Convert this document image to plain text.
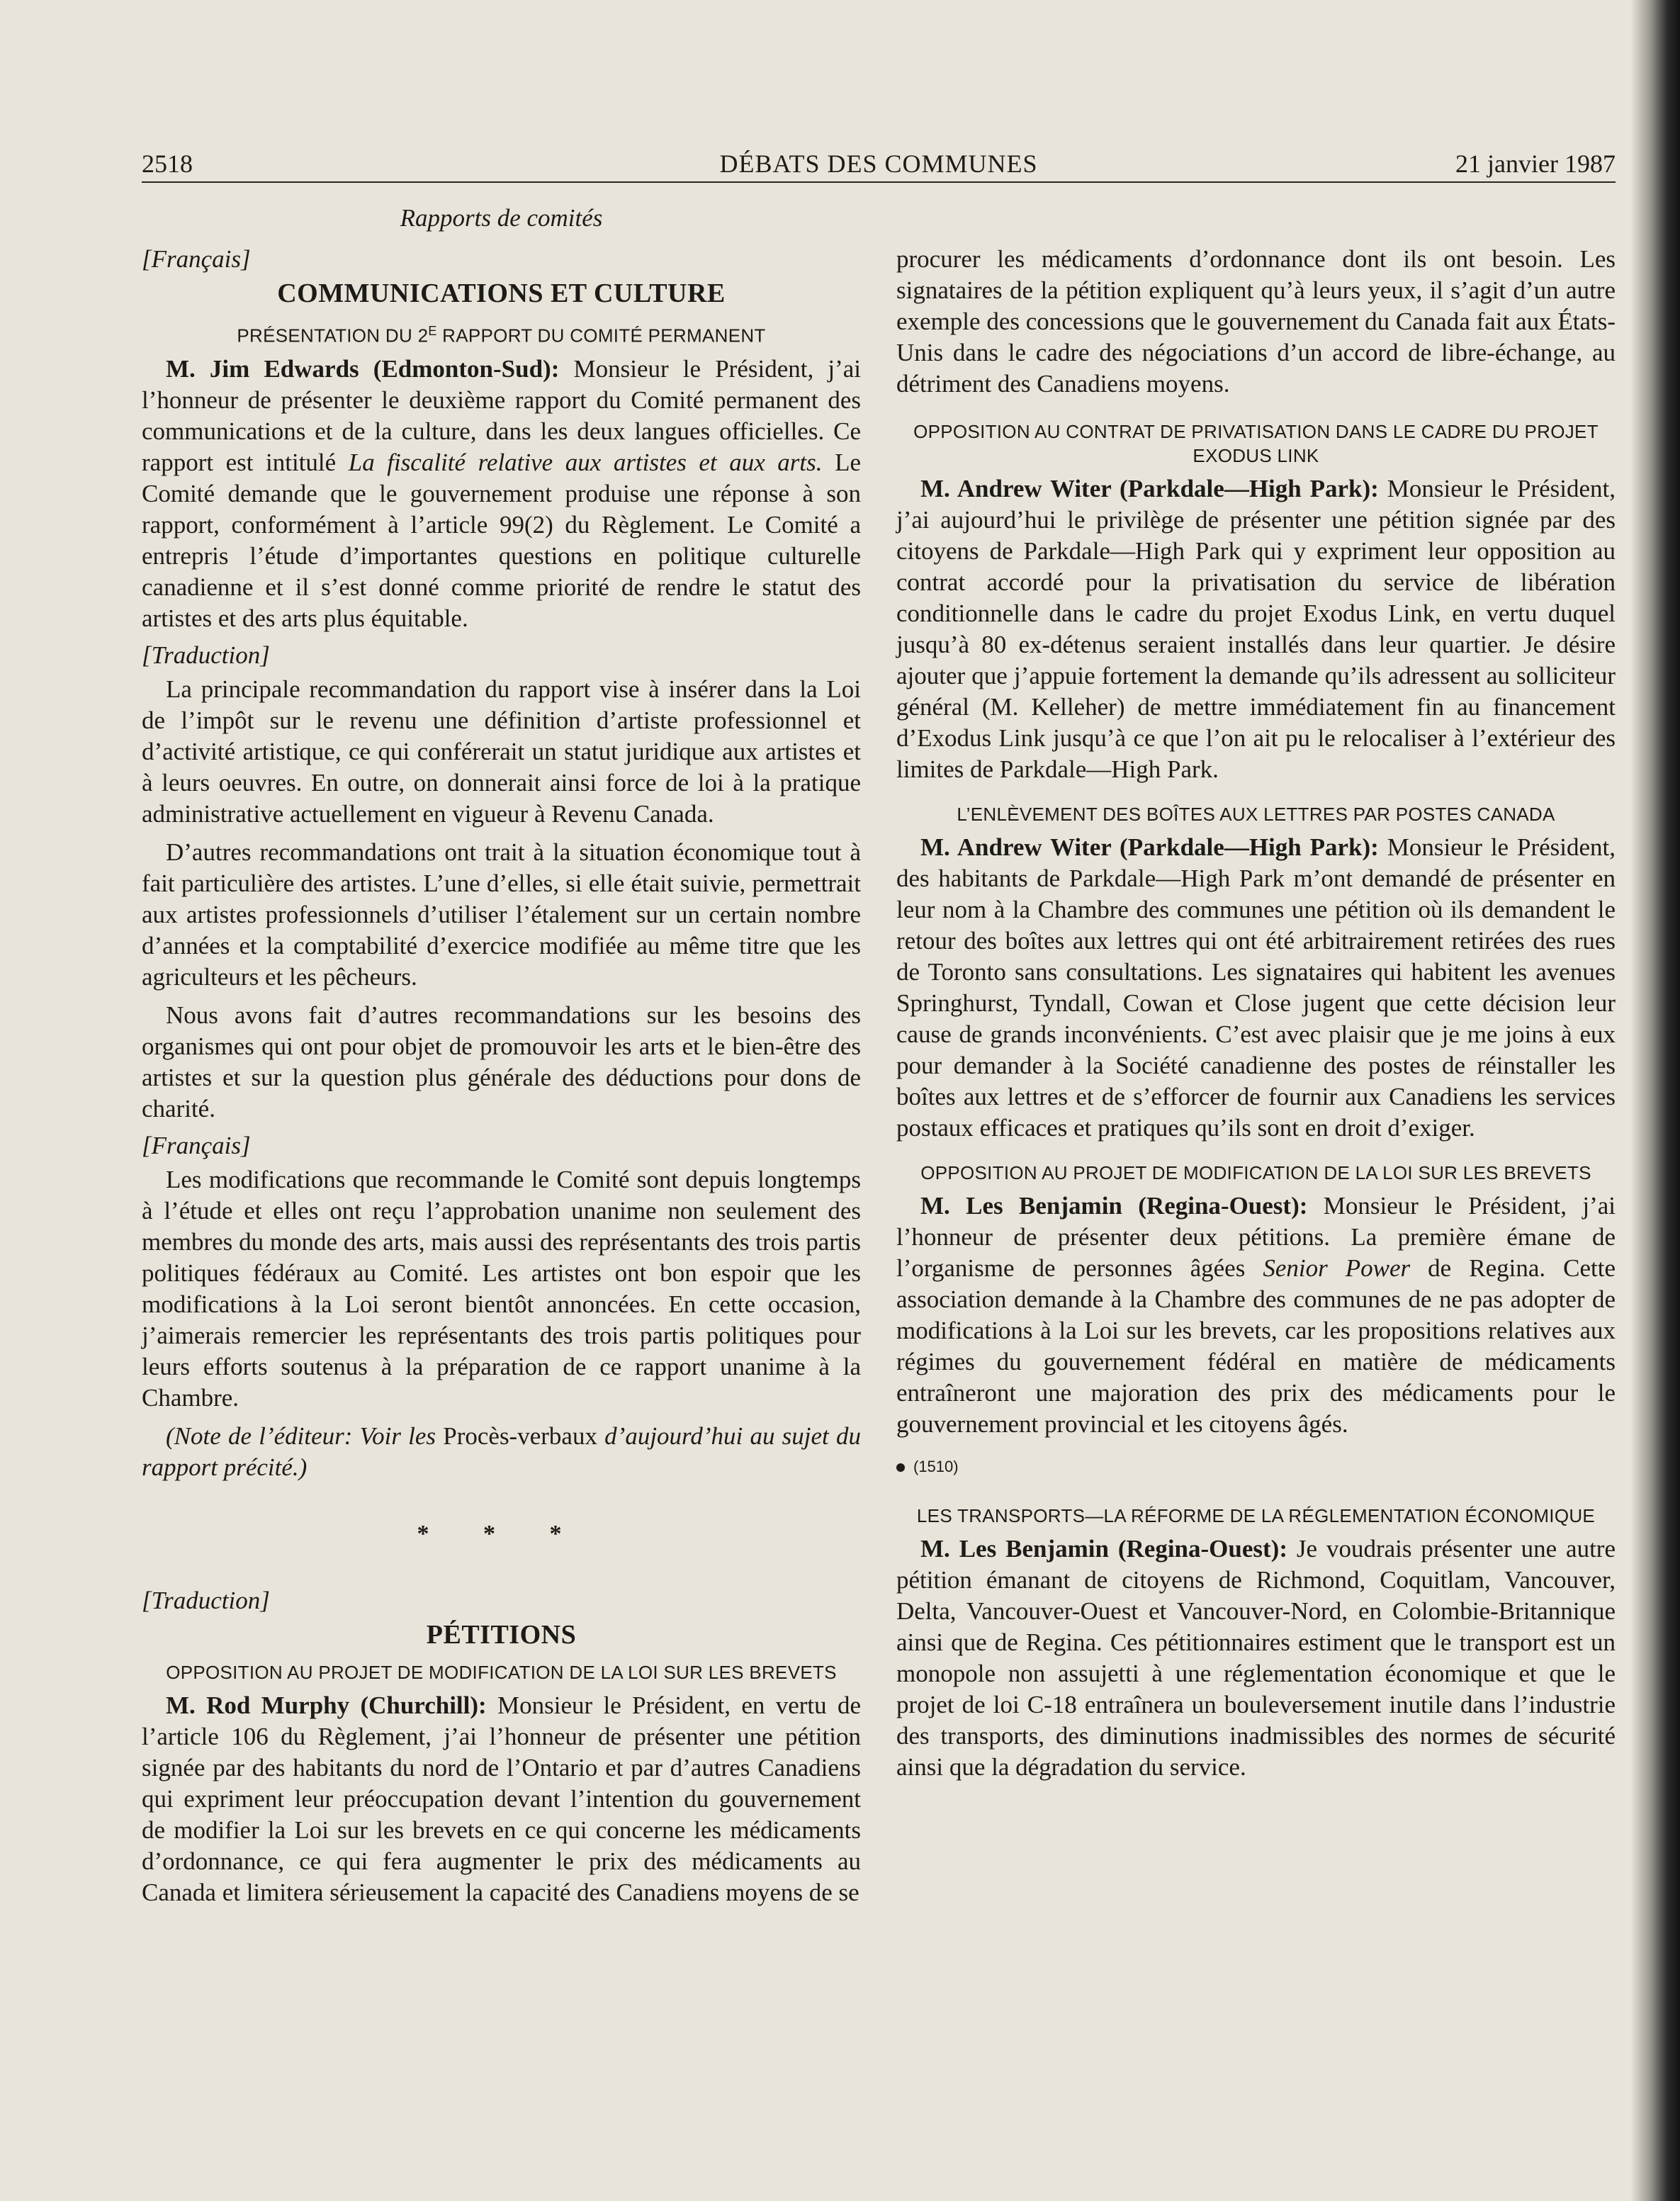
2518	DÉBATS DES COMMUNES	21 janvier 1987
Rapports de comités
[Français]
COMMUNICATIONS ET CULTURE
PRÉSENTATION DU $2^E$ RAPPORT DU COMITÉ PERMANENT

M. Jim Edwards (Edmonton-Sud): Monsieur le Président, j’ai l’honneur de présenter le deuxième rapport du Comité permanent des communications et de la culture, dans les deux langues officielles. Ce rapport est intitulé La fiscalité relative aux artistes et aux arts. Le Comité demande que le gouvernement produise une réponse à son rapport, conformément à l’article 99(2) du Règlement. Le Comité a entrepris l’étude d’importantes questions en politique culturelle canadienne et il s’est donné comme priorité de rendre le statut des artistes et des arts plus équitable.

[Traduction]

La principale recommandation du rapport vise à insérer dans la Loi de l’impôt sur le revenu une définition d’artiste professionnel et d’activité artistique, ce qui conférerait un statut juridique aux artistes et à leurs oeuvres. En outre, on donnerait ainsi force de loi à la pratique administrative actuellement en vigueur à Revenu Canada.

D’autres recommandations ont trait à la situation économique tout à fait particulière des artistes. L’une d’elles, si elle était suivie, permettrait aux artistes professionnels d’utiliser l’étalement sur un certain nombre d’années et la comptabilité d’exercice modifiée au même titre que les agriculteurs et les pêcheurs.

Nous avons fait d’autres recommandations sur les besoins des organismes qui ont pour objet de promouvoir les arts et le bien-être des artistes et sur la question plus générale des déductions pour dons de charité.

[Français]

Les modifications que recommande le Comité sont depuis longtemps à l’étude et elles ont reçu l’approbation unanime non seulement des membres du monde des arts, mais aussi des représentants des trois partis politiques fédéraux au Comité. Les artistes ont bon espoir que les modifications à la Loi seront bientôt annoncées. En cette occasion, j’aimerais remercier les représentants des trois partis politiques pour leurs efforts soutenus à la préparation de ce rapport unanime à la Chambre.

(Note de l’éditeur: Voir les Procès-verbaux d’aujourd’hui au sujet du rapport précité.)

* * *
[Traduction]
PÉTITIONS
OPPOSITION AU PROJET DE MODIFICATION DE LA LOI SUR LES BREVETS

M. Rod Murphy (Churchill): Monsieur le Président, en vertu de l’article 106 du Règlement, j’ai l’honneur de présenter une pétition signée par des habitants du nord de l’Ontario et par d’autres Canadiens qui expriment leur préoccupation devant l’intention du gouvernement de modifier la Loi sur les brevets en ce qui concerne les médicaments d’ordonnance, ce qui fera augmenter le prix des médicaments au Canada et limitera sérieusement la capacité des Canadiens moyens de se

procurer les médicaments d’ordonnance dont ils ont besoin. Les signataires de la pétition expliquent qu’à leurs yeux, il s’agit d’un autre exemple des concessions que le gouvernement du Canada fait aux États-Unis dans le cadre des négociations d’un accord de libre-échange, au détriment des Canadiens moyens.

OPPOSITION AU CONTRAT DE PRIVATISATION DANS LE CADRE DU PROJET EXODUS LINK

M. Andrew Witer (Parkdale—High Park): Monsieur le Président, j’ai aujourd’hui le privilège de présenter une pétition signée par des citoyens de Parkdale—High Park qui y expriment leur opposition au contrat accordé pour la privatisation du service de libération conditionnelle dans le cadre du projet Exodus Link, en vertu duquel jusqu’à 80 ex-détenus seraient installés dans leur quartier. Je désire ajouter que j’appuie fortement la demande qu’ils adressent au solliciteur général (M. Kelleher) de mettre immédiatement fin au financement d’Exodus Link jusqu’à ce que l’on ait pu le relocaliser à l’extérieur des limites de Parkdale—High Park.

L’ENLÈVEMENT DES BOÎTES AUX LETTRES PAR POSTES CANADA

M. Andrew Witer (Parkdale—High Park): Monsieur le Président, des habitants de Parkdale—High Park m’ont demandé de présenter en leur nom à la Chambre des communes une pétition où ils demandent le retour des boîtes aux lettres qui ont été arbitrairement retirées des rues de Toronto sans consultations. Les signataires qui habitent les avenues Springhurst, Tyndall, Cowan et Close jugent que cette décision leur cause de grands inconvénients. C’est avec plaisir que je me joins à eux pour demander à la Société canadienne des postes de réinstaller les boîtes aux lettres et de s’efforcer de fournir aux Canadiens les services postaux efficaces et pratiques qu’ils sont en droit d’exiger.

OPPOSITION AU PROJET DE MODIFICATION DE LA LOI SUR LES BREVETS

M. Les Benjamin (Regina-Ouest): Monsieur le Président, j’ai l’honneur de présenter deux pétitions. La première émane de l’organisme de personnes âgées Senior Power de Regina. Cette association demande à la Chambre des communes de ne pas adopter de modifications à la Loi sur les brevets, car les propositions relatives aux régimes du gouvernement fédéral en matière de médicaments entraîneront une majoration des prix des médicaments pour le gouvernement provincial et les citoyens âgés.

(1510)
LES TRANSPORTS—LA RÉFORME DE LA RÉGLEMENTATION ÉCONOMIQUE

M. Les Benjamin (Regina-Ouest): Je voudrais présenter une autre pétition émanant de citoyens de Richmond, Coquitlam, Vancouver, Delta, Vancouver-Ouest et Vancouver-Nord, en Colombie-Britannique ainsi que de Regina. Ces pétitionnaires estiment que le transport est un monopole non assujetti à une réglementation économique et que le projet de loi C-18 entraînera un bouleversement inutile dans l’industrie des transports, des diminutions inadmissibles des normes de sécurité ainsi que la dégradation du service.
